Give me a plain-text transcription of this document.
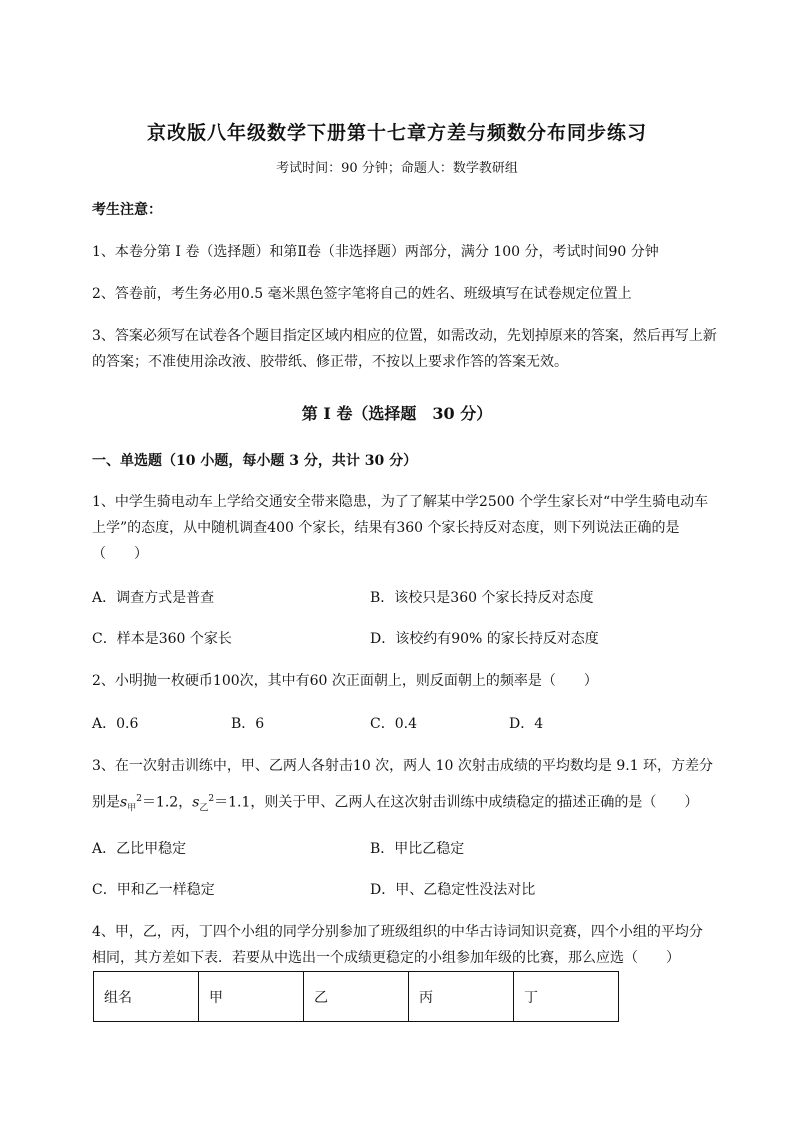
京改版八年级数学下册第十七章方差与频数分布同步练习
考试时间：90 分钟；命题人：数学教研组
考生注意：
1、本卷分第 I 卷（选择题）和第Ⅱ卷（非选择题）两部分，满分 100 分，考试时间90 分钟
2、答卷前，考生务必用0.5 毫米黑色签字笔将自己的姓名、班级填写在试卷规定位置上
3、答案必须写在试卷各个题目指定区域内相应的位置，如需改动，先划掉原来的答案，然后再写上新
的答案；不准使用涂改液、胶带纸、修正带，不按以上要求作答的答案无效。
第 I 卷（选择题　30 分）
一、单选题（10 小题，每小题 3 分，共计 30 分）
1、中学生骑电动车上学给交通安全带来隐患，为了了解某中学2500 个学生家长对“中学生骑电动车
上学”的态度，从中随机调查400 个家长，结果有360 个家长持反对态度，则下列说法正确的是
（　　）
A．调查方式是普查	B．该校只是360 个家长持反对态度
C．样本是360 个家长	D．该校约有90% 的家长持反对态度
2、小明抛一枚硬币100次，其中有60 次正面朝上，则反面朝上的频率是（　　）
A．0.6	B．6	C．0.4	D．4
3、在一次射击训练中，甲、乙两人各射击10 次，两人 10 次射击成绩的平均数均是 9.1 环，方差分
别是$s_甲^2=1.2$，$s_乙^2=1.1$，则关于甲、乙两人在这次射击训练中成绩稳定的描述正确的是（　　）
A．乙比甲稳定	B．甲比乙稳定
C．甲和乙一样稳定	D．甲、乙稳定性没法对比
4、甲，乙，丙，丁四个小组的同学分别参加了班级组织的中华古诗词知识竞赛，四个小组的平均分
相同，其方差如下表．若要从中选出一个成绩更稳定的小组参加年级的比赛，那么应选（　　）
组名	甲	乙	丙	丁
